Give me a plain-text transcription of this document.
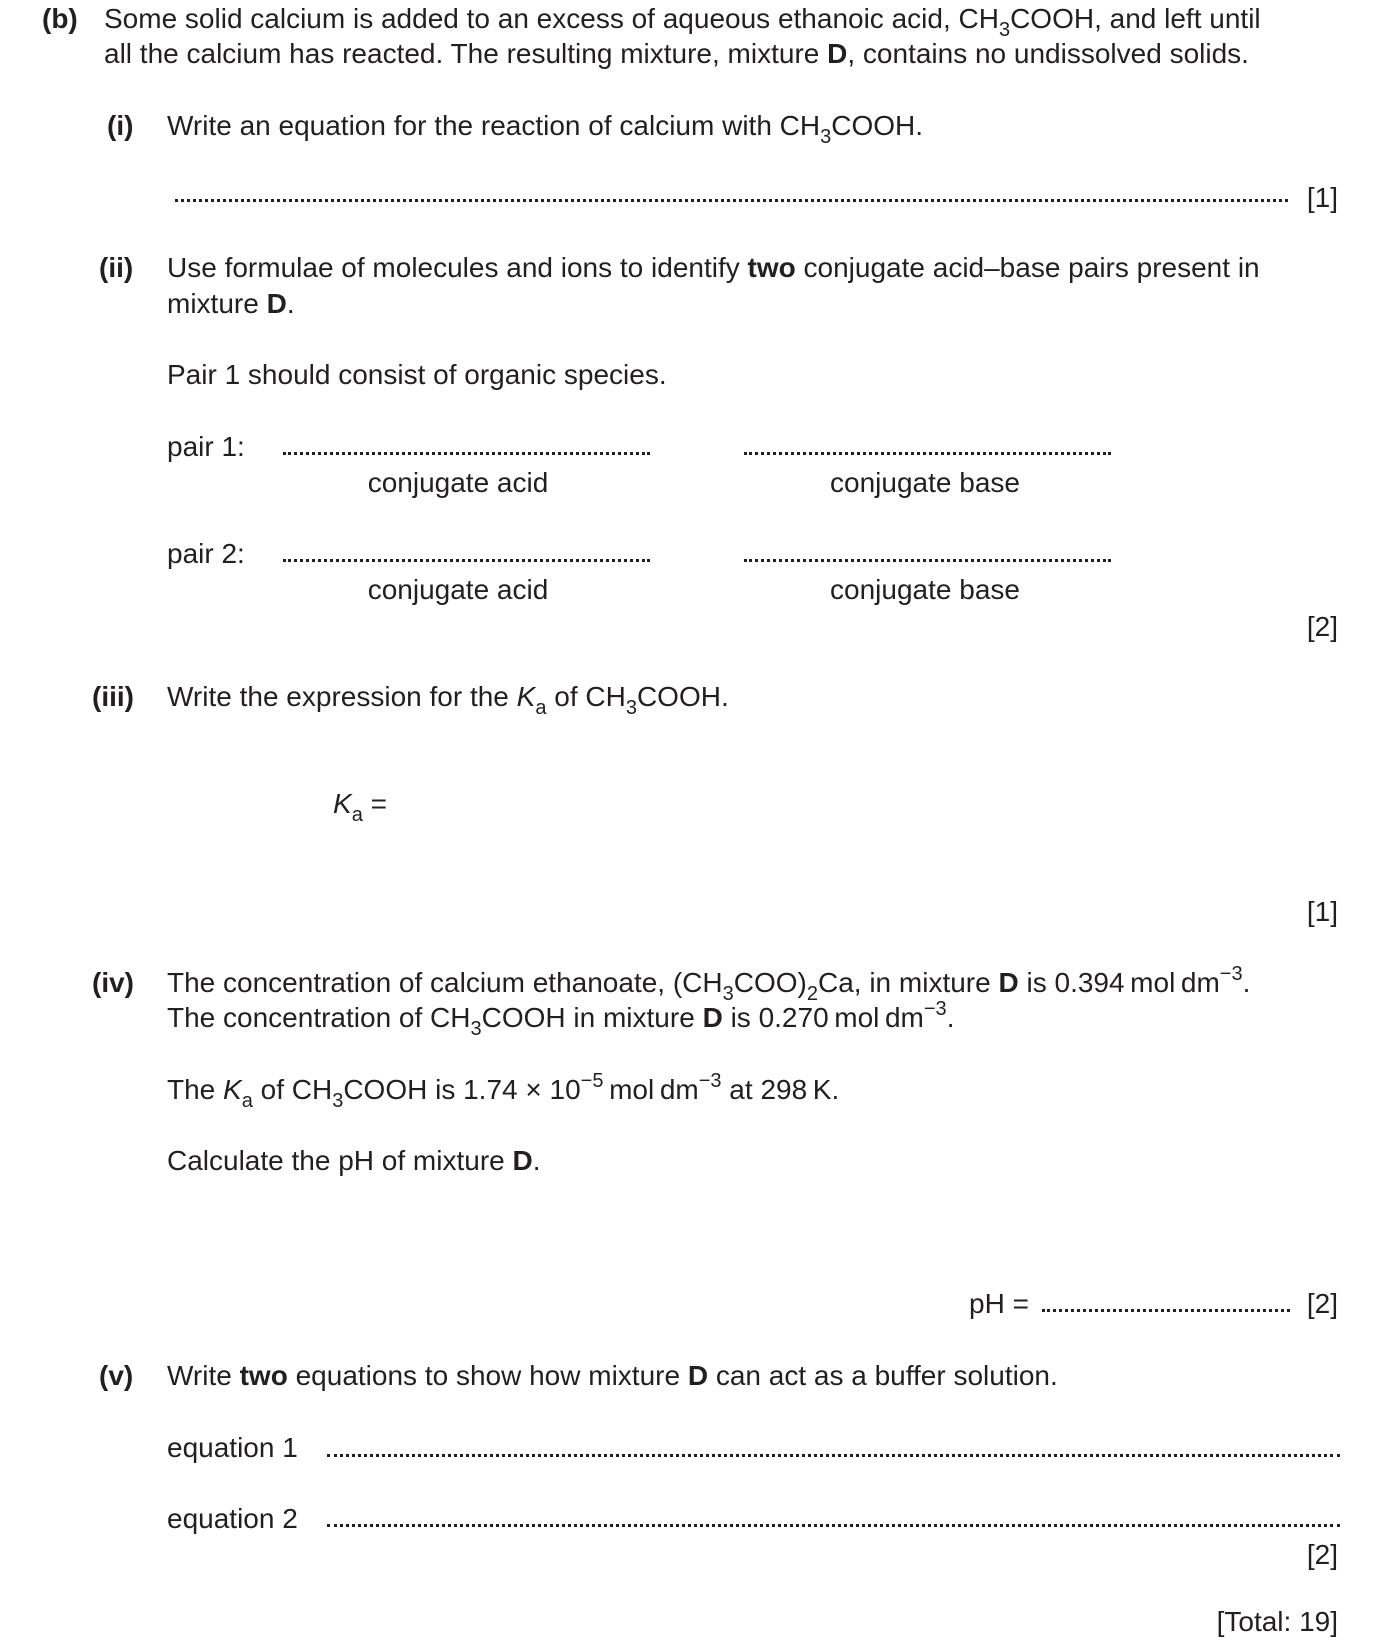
(b) Some solid calcium is added to an excess of aqueous ethanoic acid, $CH_3COOH$, and left until
all the calcium has reacted. The resulting mixture, mixture D, contains no undissolved solids.
(i) Write an equation for the reaction of calcium with $CH_3COOH$.
[1]
(ii) Use formulae of molecules and ions to identify two conjugate acid–base pairs present in
mixture D.
Pair 1 should consist of organic species.
pair 1:
conjugate acid	conjugate base
pair 2:
conjugate acid	conjugate base
[2]
(iii) Write the expression for the $K_a$ of $CH_3COOH$.
$K_a$ =
[1]
(iv) The concentration of calcium ethanoate, $(CH_3COO)_2Ca$, in mixture D is 0.394 mol $dm^{-3}$.
The concentration of $CH_3COOH$ in mixture D is 0.270 mol $dm^{-3}$.
The $K_a$ of $CH_3COOH$ is $1.74 \times 10^{-5}$ mol $dm^{-3}$ at 298 K.
Calculate the pH of mixture D.
pH =	[2]
(v) Write two equations to show how mixture D can act as a buffer solution.
equation 1
equation 2
[2]
[Total: 19]
